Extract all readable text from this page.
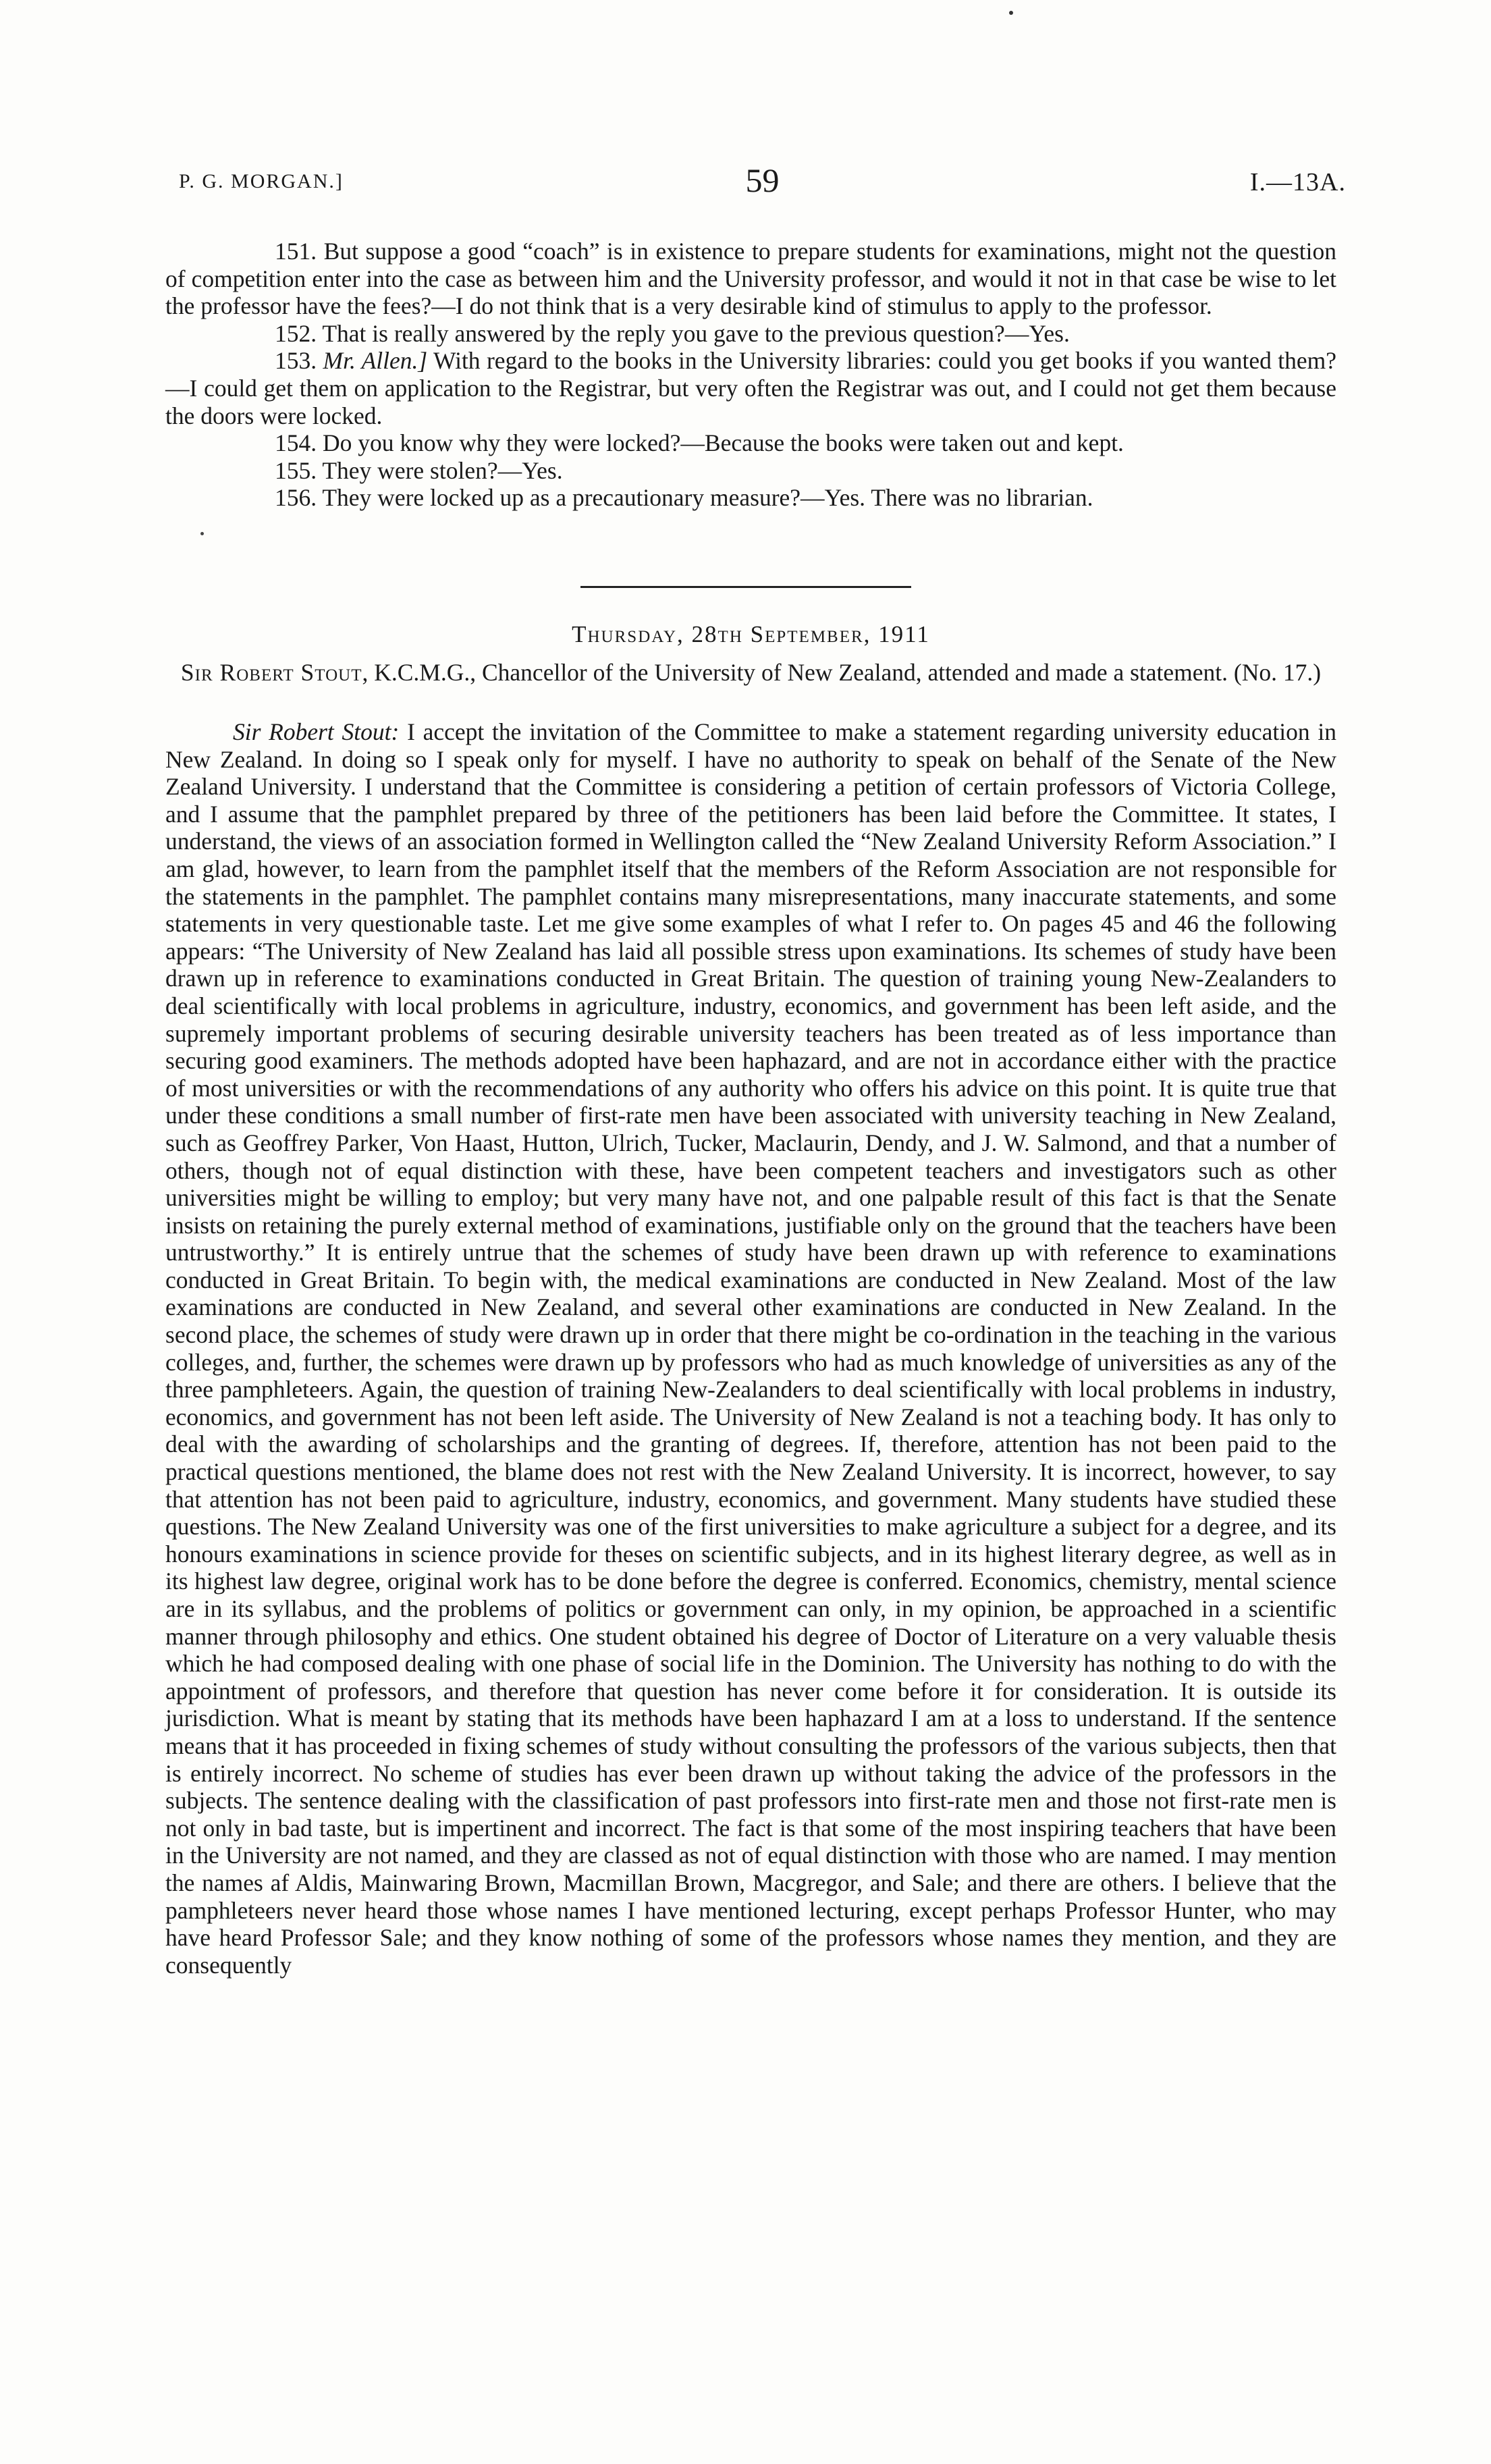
P. G. MORGAN.]	59	I.—13A.

151. But suppose a good “coach” is in existence to prepare students for examinations, might not the question of competition enter into the case as between him and the University professor, and would it not in that case be wise to let the professor have the fees?—I do not think that is a very desirable kind of stimulus to apply to the professor.

152. That is really answered by the reply you gave to the previous question?—Yes.

153. Mr. Allen.] With regard to the books in the University libraries: could you get books if you wanted them?—I could get them on application to the Registrar, but very often the Registrar was out, and I could not get them because the doors were locked.

154. Do you know why they were locked?—Because the books were taken out and kept.

155. They were stolen?—Yes.

156. They were locked up as a precautionary measure?—Yes. There was no librarian.

Thursday, 28th September, 1911
Sir Robert Stout, K.C.M.G., Chancellor of the University of New Zealand, attended and made a statement. (No. 17.)

Sir Robert Stout: I accept the invitation of the Committee to make a statement regarding university education in New Zealand. In doing so I speak only for myself. I have no authority to speak on behalf of the Senate of the New Zealand University. I understand that the Committee is considering a petition of certain professors of Victoria College, and I assume that the pamphlet prepared by three of the petitioners has been laid before the Committee. It states, I understand, the views of an association formed in Wellington called the “New Zealand University Reform Association.” I am glad, however, to learn from the pamphlet itself that the members of the Reform Association are not responsible for the statements in the pamphlet. The pamphlet contains many misrepresentations, many inaccurate statements, and some statements in very questionable taste. Let me give some examples of what I refer to. On pages 45 and 46 the following appears: “The University of New Zealand has laid all possible stress upon examinations. Its schemes of study have been drawn up in reference to examinations conducted in Great Britain. The question of training young New-Zealanders to deal scientifically with local problems in agriculture, industry, economics, and government has been left aside, and the supremely important problems of securing desirable university teachers has been treated as of less importance than securing good examiners. The methods adopted have been haphazard, and are not in accordance either with the practice of most universities or with the recommendations of any authority who offers his advice on this point. It is quite true that under these conditions a small number of first-rate men have been associated with university teaching in New Zealand, such as Geoffrey Parker, Von Haast, Hutton, Ulrich, Tucker, Maclaurin, Dendy, and J. W. Salmond, and that a number of others, though not of equal distinction with these, have been competent teachers and investigators such as other universities might be willing to employ; but very many have not, and one palpable result of this fact is that the Senate insists on retaining the purely external method of examinations, justifiable only on the ground that the teachers have been untrustworthy.” It is entirely untrue that the schemes of study have been drawn up with reference to examinations conducted in Great Britain. To begin with, the medical examinations are conducted in New Zealand. Most of the law examinations are conducted in New Zealand, and several other examinations are conducted in New Zealand. In the second place, the schemes of study were drawn up in order that there might be co-ordination in the teaching in the various colleges, and, further, the schemes were drawn up by professors who had as much knowledge of universities as any of the three pamphleteers. Again, the question of training New-Zealanders to deal scientifically with local problems in industry, economics, and government has not been left aside. The University of New Zealand is not a teaching body. It has only to deal with the awarding of scholarships and the granting of degrees. If, therefore, attention has not been paid to the practical questions mentioned, the blame does not rest with the New Zealand University. It is incorrect, however, to say that attention has not been paid to agriculture, industry, economics, and government. Many students have studied these questions. The New Zealand University was one of the first universities to make agriculture a subject for a degree, and its honours examinations in science provide for theses on scientific subjects, and in its highest literary degree, as well as in its highest law degree, original work has to be done before the degree is conferred. Economics, chemistry, mental science are in its syllabus, and the problems of politics or government can only, in my opinion, be approached in a scientific manner through philosophy and ethics. One student obtained his degree of Doctor of Literature on a very valuable thesis which he had composed dealing with one phase of social life in the Dominion. The University has nothing to do with the appointment of professors, and therefore that question has never come before it for consideration. It is outside its jurisdiction. What is meant by stating that its methods have been haphazard I am at a loss to understand. If the sentence means that it has proceeded in fixing schemes of study without consulting the professors of the various subjects, then that is entirely incorrect. No scheme of studies has ever been drawn up without taking the advice of the professors in the subjects. The sentence dealing with the classification of past professors into first-rate men and those not first-rate men is not only in bad taste, but is impertinent and incorrect. The fact is that some of the most inspiring teachers that have been in the University are not named, and they are classed as not of equal distinction with those who are named. I may mention the names af Aldis, Mainwaring Brown, Macmillan Brown, Macgregor, and Sale; and there are others. I believe that the pamphleteers never heard those whose names I have mentioned lecturing, except perhaps Professor Hunter, who may have heard Professor Sale; and they know nothing of some of the professors whose names they mention, and they are consequently
